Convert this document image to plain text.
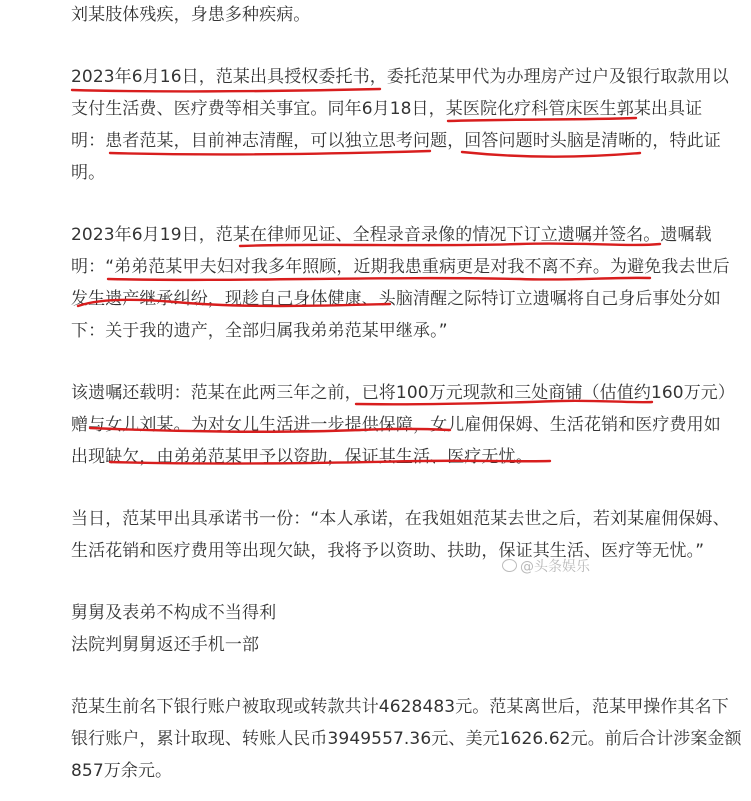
刘某肢体残疾，身患多种疾病。
2023年6月16日，范某出具授权委托书，委托范某甲代为办理房产过户及银行取款用以
支付生活费、医疗费等相关事宜。同年6月18日，某医院化疗科管床医生郭某出具证
明：患者范某，目前神志清醒，可以独立思考问题，回答问题时头脑是清晰的，特此证
明。
2023年6月19日，范某在律师见证、全程录音录像的情况下订立遗嘱并签名。遗嘱载
明：“弟弟范某甲夫妇对我多年照顾，近期我患重病更是对我不离不弃。为避免我去世后
发生遗产继承纠纷，现趁自己身体健康、头脑清醒之际特订立遗嘱将自己身后事处分如
下：关于我的遗产，全部归属我弟弟范某甲继承。”
该遗嘱还载明：范某在此两三年之前，已将100万元现款和三处商铺（估值约160万元）
赠与女儿刘某。为对女儿生活进一步提供保障，女儿雇佣保姆、生活花销和医疗费用如
出现缺欠，由弟弟范某甲予以资助，保证其生活、医疗无忧。
当日，范某甲出具承诺书一份：“本人承诺，在我姐姐范某去世之后，若刘某雇佣保姆、
生活花销和医疗费用等出现欠缺，我将予以资助、扶助，保证其生活、医疗等无忧。”
舅舅及表弟不构成不当得利
法院判舅舅返还手机一部
范某生前名下银行账户被取现或转款共计4628483元。范某离世后，范某甲操作其名下
银行账户，累计取现、转账人民币3949557.36元、美元1626.62元。前后合计涉案金额
857万余元。
@头条娱乐
